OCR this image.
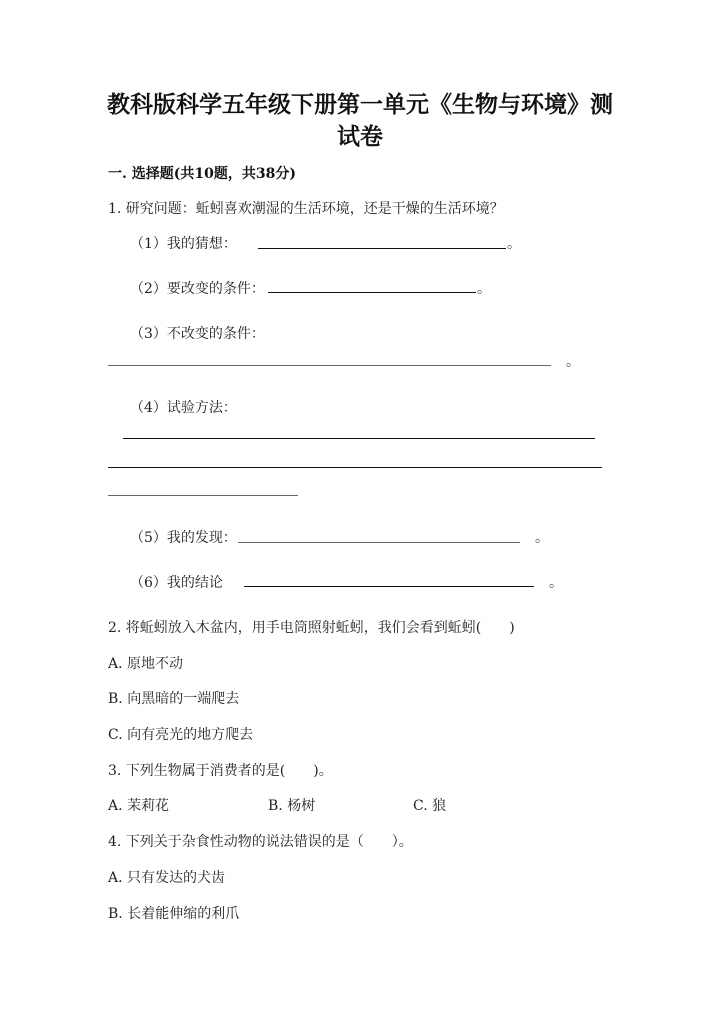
教科版科学五年级下册第一单元《生物与环境》测
试卷
一. 选择题(共10题，共38分)
1. 研究问题：蚯蚓喜欢潮湿的生活环境，还是干燥的生活环境？
（1）我的猜想：	。
（2）要改变的条件：	。
（3）不改变的条件：
。
（4）试验方法：
（5）我的发现：	。
（6）我的结论	。
2. 将蚯蚓放入木盆内，用手电筒照射蚯蚓，我们会看到蚯蚓(　　)
A. 原地不动
B. 向黑暗的一端爬去
C. 向有亮光的地方爬去
3. 下列生物属于消费者的是(　　)。
A. 茉莉花	B. 杨树	C. 狼
4. 下列关于杂食性动物的说法错误的是（　　）。
A. 只有发达的犬齿
B. 长着能伸缩的利爪
